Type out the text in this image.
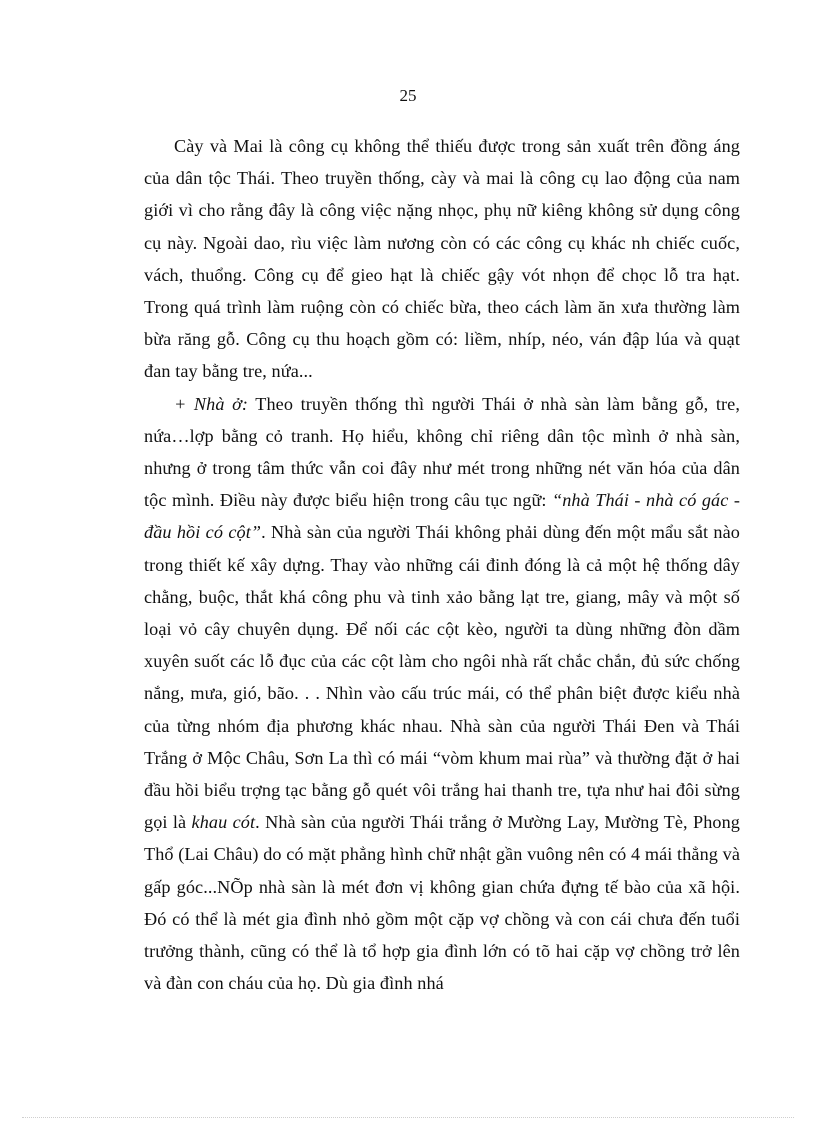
25

Cày và Mai là công cụ không thể thiếu được trong sản xuất trên đồng áng của dân tộc Thái. Theo truyền thống, cày và mai là công cụ lao động của nam giới vì cho rằng đây là công việc nặng nhọc, phụ nữ kiêng không sử dụng công cụ này. Ngoài dao, rìu việc làm nương còn có các công cụ khác nh chiếc cuốc, vách, thuổng. Công cụ để gieo hạt là chiếc gậy vót nhọn để chọc lỗ tra hạt. Trong quá trình làm ruộng còn có chiếc bừa, theo cách làm ăn xưa thường làm bừa răng gỗ. Công cụ thu hoạch gồm có: liềm, nhíp, néo, ván đập lúa và quạt đan tay bằng tre, nứa...

+ Nhà ở: Theo truyền thống thì người Thái ở nhà sàn làm bằng gỗ, tre, nứa…lợp bằng cỏ tranh. Họ hiểu, không chỉ riêng dân tộc mình ở nhà sàn, nhưng ở trong tâm thức vẫn coi đây như mét trong những nét văn hóa của dân tộc mình. Điều này được biểu hiện trong câu tục ngữ: “nhà Thái - nhà có gác - đầu hồi có cột”. Nhà sàn của người Thái không phải dùng đến một mẩu sắt nào trong thiết kế xây dựng. Thay vào những cái đinh đóng là cả một hệ thống dây chằng, buộc, thắt khá công phu và tinh xảo bằng lạt tre, giang, mây và một số loại vỏ cây chuyên dụng. Để nối các cột kèo, người ta dùng những đòn dầm xuyên suốt các lỗ đục của các cột làm cho ngôi nhà rất chắc chắn, đủ sức chống nắng, mưa, gió, bão. . . Nhìn vào cấu trúc mái, có thể phân biệt được kiểu nhà của từng nhóm địa phương khác nhau. Nhà sàn của người Thái Đen và Thái Trắng ở Mộc Châu, Sơn La thì có mái “vòm khum mai rùa” và thường đặt ở hai đầu hồi biểu trợng tạc bằng gỗ quét vôi trắng hai thanh tre, tựa như hai đôi sừng gọi là khau cót. Nhà sàn của người Thái trắng ở Mường Lay, Mường Tè, Phong Thổ (Lai Châu) do có mặt phẳng hình chữ nhật gần vuông nên có 4 mái thẳng và gấp góc...NÕp nhà sàn là mét đơn vị không gian chứa đựng tế bào của xã hội. Đó có thể là mét gia đình nhỏ gồm một cặp vợ chồng và con cái chưa đến tuổi trưởng thành, cũng có thể là tổ hợp gia đình lớn có tõ hai cặp vợ chồng trở lên và đàn con cháu của họ. Dù gia đình nhá
